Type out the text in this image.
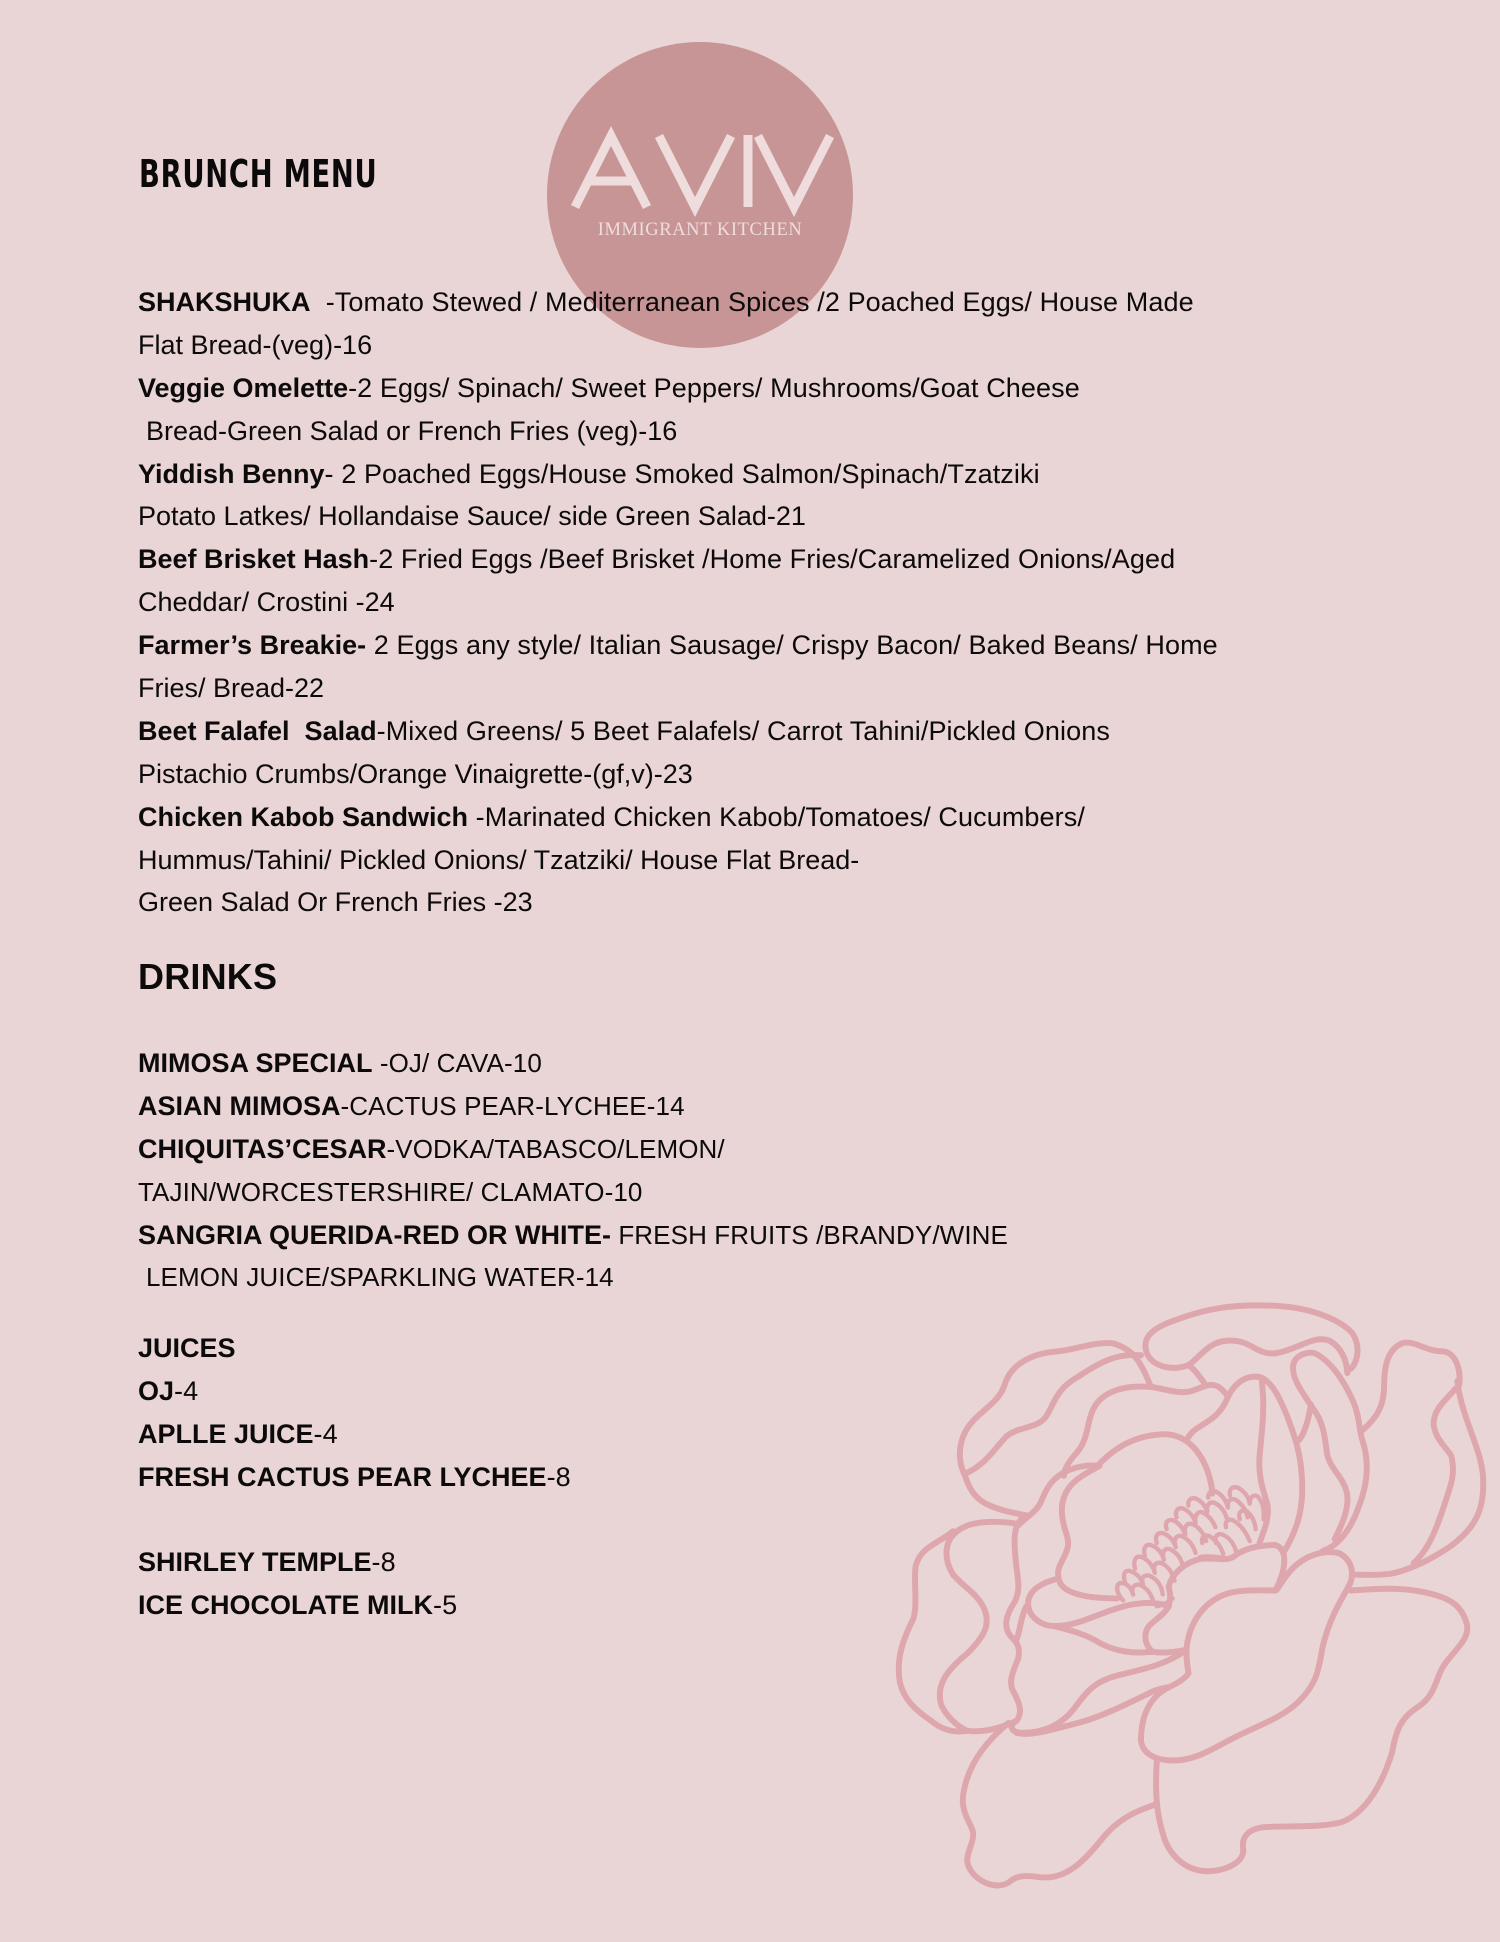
AVIV
IMMIGRANT KITCHEN
BRUNCH MENU
SHAKSHUKA  -Tomato Stewed / Mediterranean Spices /2 Poached Eggs/ House Made
Flat Bread-(veg)-16
Veggie Omelette-2 Eggs/ Spinach/ Sweet Peppers/ Mushrooms/Goat Cheese
Bread-Green Salad or French Fries (veg)-16
Yiddish Benny- 2 Poached Eggs/House Smoked Salmon/Spinach/Tzatziki
Potato Latkes/ Hollandaise Sauce/ side Green Salad-21
Beef Brisket Hash-2 Fried Eggs /Beef Brisket /Home Fries/Caramelized Onions/Aged
Cheddar/ Crostini -24
Farmer’s Breakie- 2 Eggs any style/ Italian Sausage/ Crispy Bacon/ Baked Beans/ Home
Fries/ Bread-22
Beet Falafel  Salad-Mixed Greens/ 5 Beet Falafels/ Carrot Tahini/Pickled Onions
Pistachio Crumbs/Orange Vinaigrette-(gf,v)-23
Chicken Kabob Sandwich -Marinated Chicken Kabob/Tomatoes/ Cucumbers/
Hummus/Tahini/ Pickled Onions/ Tzatziki/ House Flat Bread-
Green Salad Or French Fries -23
DRINKS
MIMOSA SPECIAL -OJ/ CAVA-10
ASIAN MIMOSA-CACTUS PEAR-LYCHEE-14
CHIQUITAS’CESAR-VODKA/TABASCO/LEMON/
TAJIN/WORCESTERSHIRE/ CLAMATO-10
SANGRIA QUERIDA-RED OR WHITE- FRESH FRUITS /BRANDY/WINE
LEMON JUICE/SPARKLING WATER-14
JUICES
OJ-4
APLLE JUICE-4
FRESH CACTUS PEAR LYCHEE-8
SHIRLEY TEMPLE-8
ICE CHOCOLATE MILK-5
